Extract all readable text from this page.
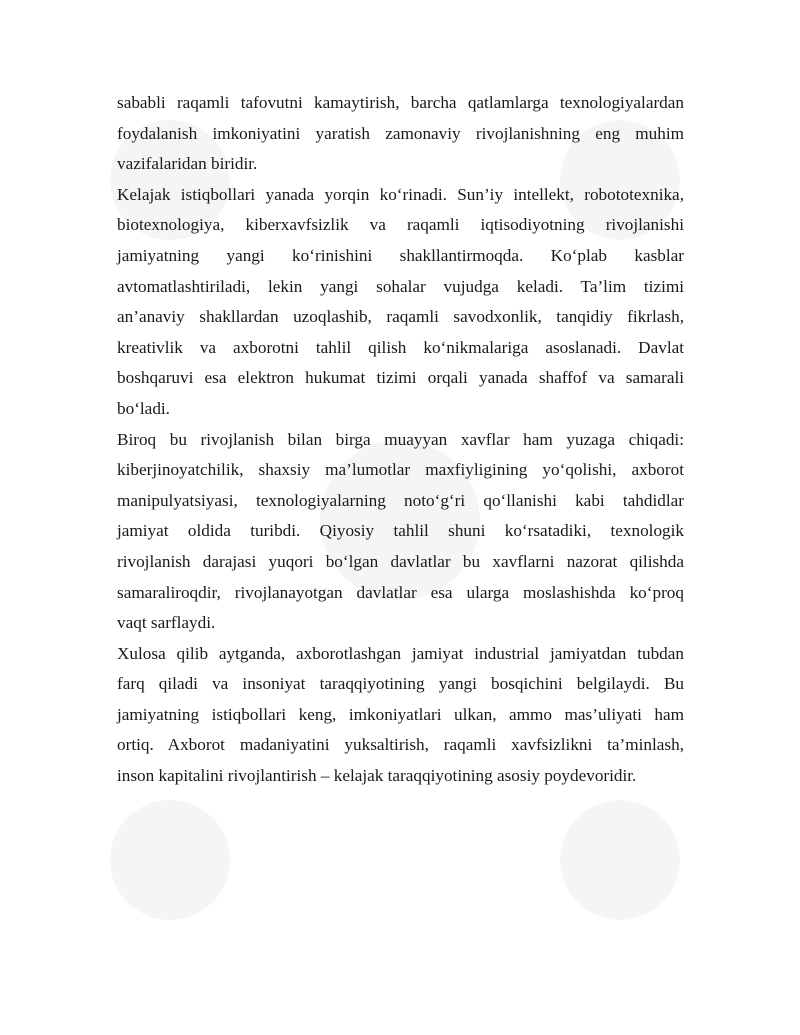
sababli raqamli tafovutni kamaytirish, barcha qatlamlarga texnologiyalardan
foydalanish imkoniyatini yaratish zamonaviy rivojlanishning eng muhim
vazifalaridan biridir.
Kelajak istiqbollari yanada yorqin ko‘rinadi. Sun’iy intellekt, robototexnika,
biotexnologiya, kiberxavfsizlik va raqamli iqtisodiyotning rivojlanishi
jamiyatning yangi ko‘rinishini shakllantirmoqda. Ko‘plab kasblar
avtomatlashtiriladi, lekin yangi sohalar vujudga keladi. Ta’lim tizimi
an’anaviy shakllardan uzoqlashib, raqamli savodxonlik, tanqidiy fikrlash,
kreativlik va axborotni tahlil qilish ko‘nikmalariga asoslanadi. Davlat
boshqaruvi esa elektron hukumat tizimi orqali yanada shaffof va samarali
bo‘ladi.
Biroq bu rivojlanish bilan birga muayyan xavflar ham yuzaga chiqadi:
kiberjinoyatchilik, shaxsiy ma’lumotlar maxfiyligining yo‘qolishi, axborot
manipulyatsiyasi, texnologiyalarning noto‘g‘ri qo‘llanishi kabi tahdidlar
jamiyat oldida turibdi. Qiyosiy tahlil shuni ko‘rsatadiki, texnologik
rivojlanish darajasi yuqori bo‘lgan davlatlar bu xavflarni nazorat qilishda
samaraliroqdir, rivojlanayotgan davlatlar esa ularga moslashishda ko‘proq
vaqt sarflaydi.
Xulosa qilib aytganda, axborotlashgan jamiyat industrial jamiyatdan tubdan
farq qiladi va insoniyat taraqqiyotining yangi bosqichini belgilaydi. Bu
jamiyatning istiqbollari keng, imkoniyatlari ulkan, ammo mas’uliyati ham
ortiq. Axborot madaniyatini yuksaltirish, raqamli xavfsizlikni ta’minlash,
inson kapitalini rivojlantirish – kelajak taraqqiyotining asosiy poydevoridir.
